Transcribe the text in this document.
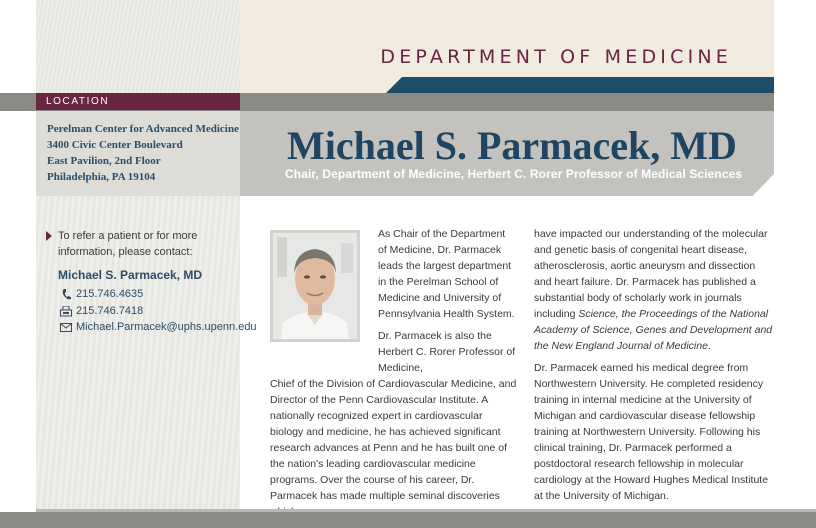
DEPARTMENT OF MEDICINE
LOCATION
Perelman Center for Advanced Medicine
3400 Civic Center Boulevard
East Pavilion, 2nd Floor
Philadelphia, PA 19104
Michael S. Parmacek, MD
Chair, Department of Medicine, Herbert C. Rorer Professor of Medical Sciences
To refer a patient or for more information, please contact:
Michael S. Parmacek, MD
215.746.4635
215.746.7418
Michael.Parmacek@uphs.upenn.edu
As Chair of the Department of Medicine, Dr. Parmacek leads the largest department in the Perelman School of Medicine and University of Pennsylvania Health System.
Dr. Parmacek is also the Herbert C. Rorer Professor of Medicine,
Chief of the Division of Cardiovascular Medicine, and Director of the Penn Cardiovascular Institute. A nationally recognized expert in cardiovascular biology and medicine, he has achieved significant research advances at Penn and he has built one of the nation's leading cardiovascular medicine programs. Over the course of his career, Dr. Parmacek has made multiple seminal discoveries

have impacted our understanding of the molecular and genetic basis of congenital heart disease, atherosclerosis, aortic aneurysm and dissection and heart failure. Dr. Parmacek has published a substantial body of scholarly work in journals including Science, the Proceedings of the National Academy of Science, Genes and Development and the New England Journal of Medicine.

Dr. Parmacek earned his medical degree from Northwestern University. He completed residency training in internal medicine at the University of Michigan and cardiovascular disease fellowship training at Northwestern University. Following his clinical training, Dr. Parmacek performed a postdoctoral research fellowship in molecular cardiology at the Howard Hughes Medical Institute at the University of Michigan.
